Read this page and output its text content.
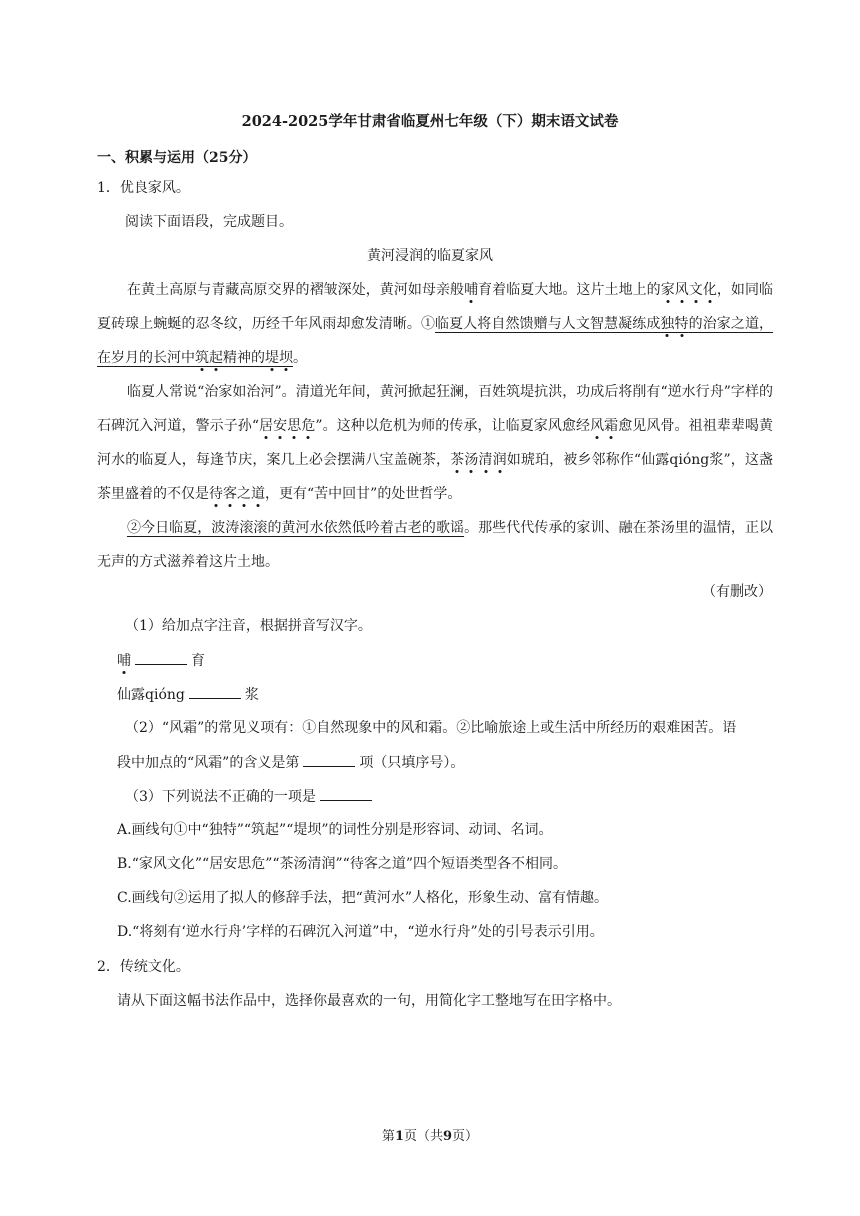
2024-2025学年甘肃省临夏州七年级（下）期末语文试卷
一、积累与运用（25分）
1．优良家风。
阅读下面语段，完成题目。
黄河浸润的临夏家风
在黄土高原与青藏高原交界的褶皱深处，黄河如母亲般哺育着临夏大地。这片土地上的家风文化，如同临夏砖瑔上蜿蜒的忍冬纹，历经千年风雨却愈发清晰。①临夏人将自然馈赠与人文智慧凝练成独特的治家之道，在岁月的长河中筑起精神的堤坝。
临夏人常说“治家如治河”。清道光年间，黄河掀起狂澜，百姓筑堤抗洪，功成后将削有“逆水行舟”字样的石碑沉入河道，警示子孙“居安思危”。这种以危机为师的传承，让临夏家风愈经风霜愈见风骨。祖祖辈辈喝黄河水的临夏人，每逢节庆，案几上必会摆满八宝盖碗茶，茶汤清润如琥珀，被乡邻称作“仙露qióng浆”，这盏茶里盛着的不仅是待客之道，更有“苦中回甘”的处世哲学。
②今日临夏，波涛滚滚的黄河水依然低吟着古老的歌谣。那些代代传承的家训、融在茶汤里的温情，正以无声的方式滋养着这片土地。
（有删改）
（1）给加点字注音，根据拼音写汉字。
哺	育
仙露qióng	浆
（2）“风霜”的常见义项有：①自然现象中的风和霜。②比喻旅途上或生活中所经历的艰难困苦。语
段中加点的“风霜”的含义是第	项（只填序号）。
（3）下列说法不正确的一项是
A.画线句①中“独特”“筑起”“堤坝”的词性分别是形容词、动词、名词。
B.“家风文化”“居安思危”“茶汤清润”“待客之道”四个短语类型各不相同。
C.画线句②运用了拟人的修辞手法，把“黄河水”人格化，形象生动、富有情趣。
D.“将刻有‘逆水行舟’字样的石碑沉入河道”中，“逆水行舟”处的引号表示引用。
2．传统文化。
请从下面这幅书法作品中，选择你最喜欢的一句，用简化字工整地写在田字格中。
第1页（共9页）
